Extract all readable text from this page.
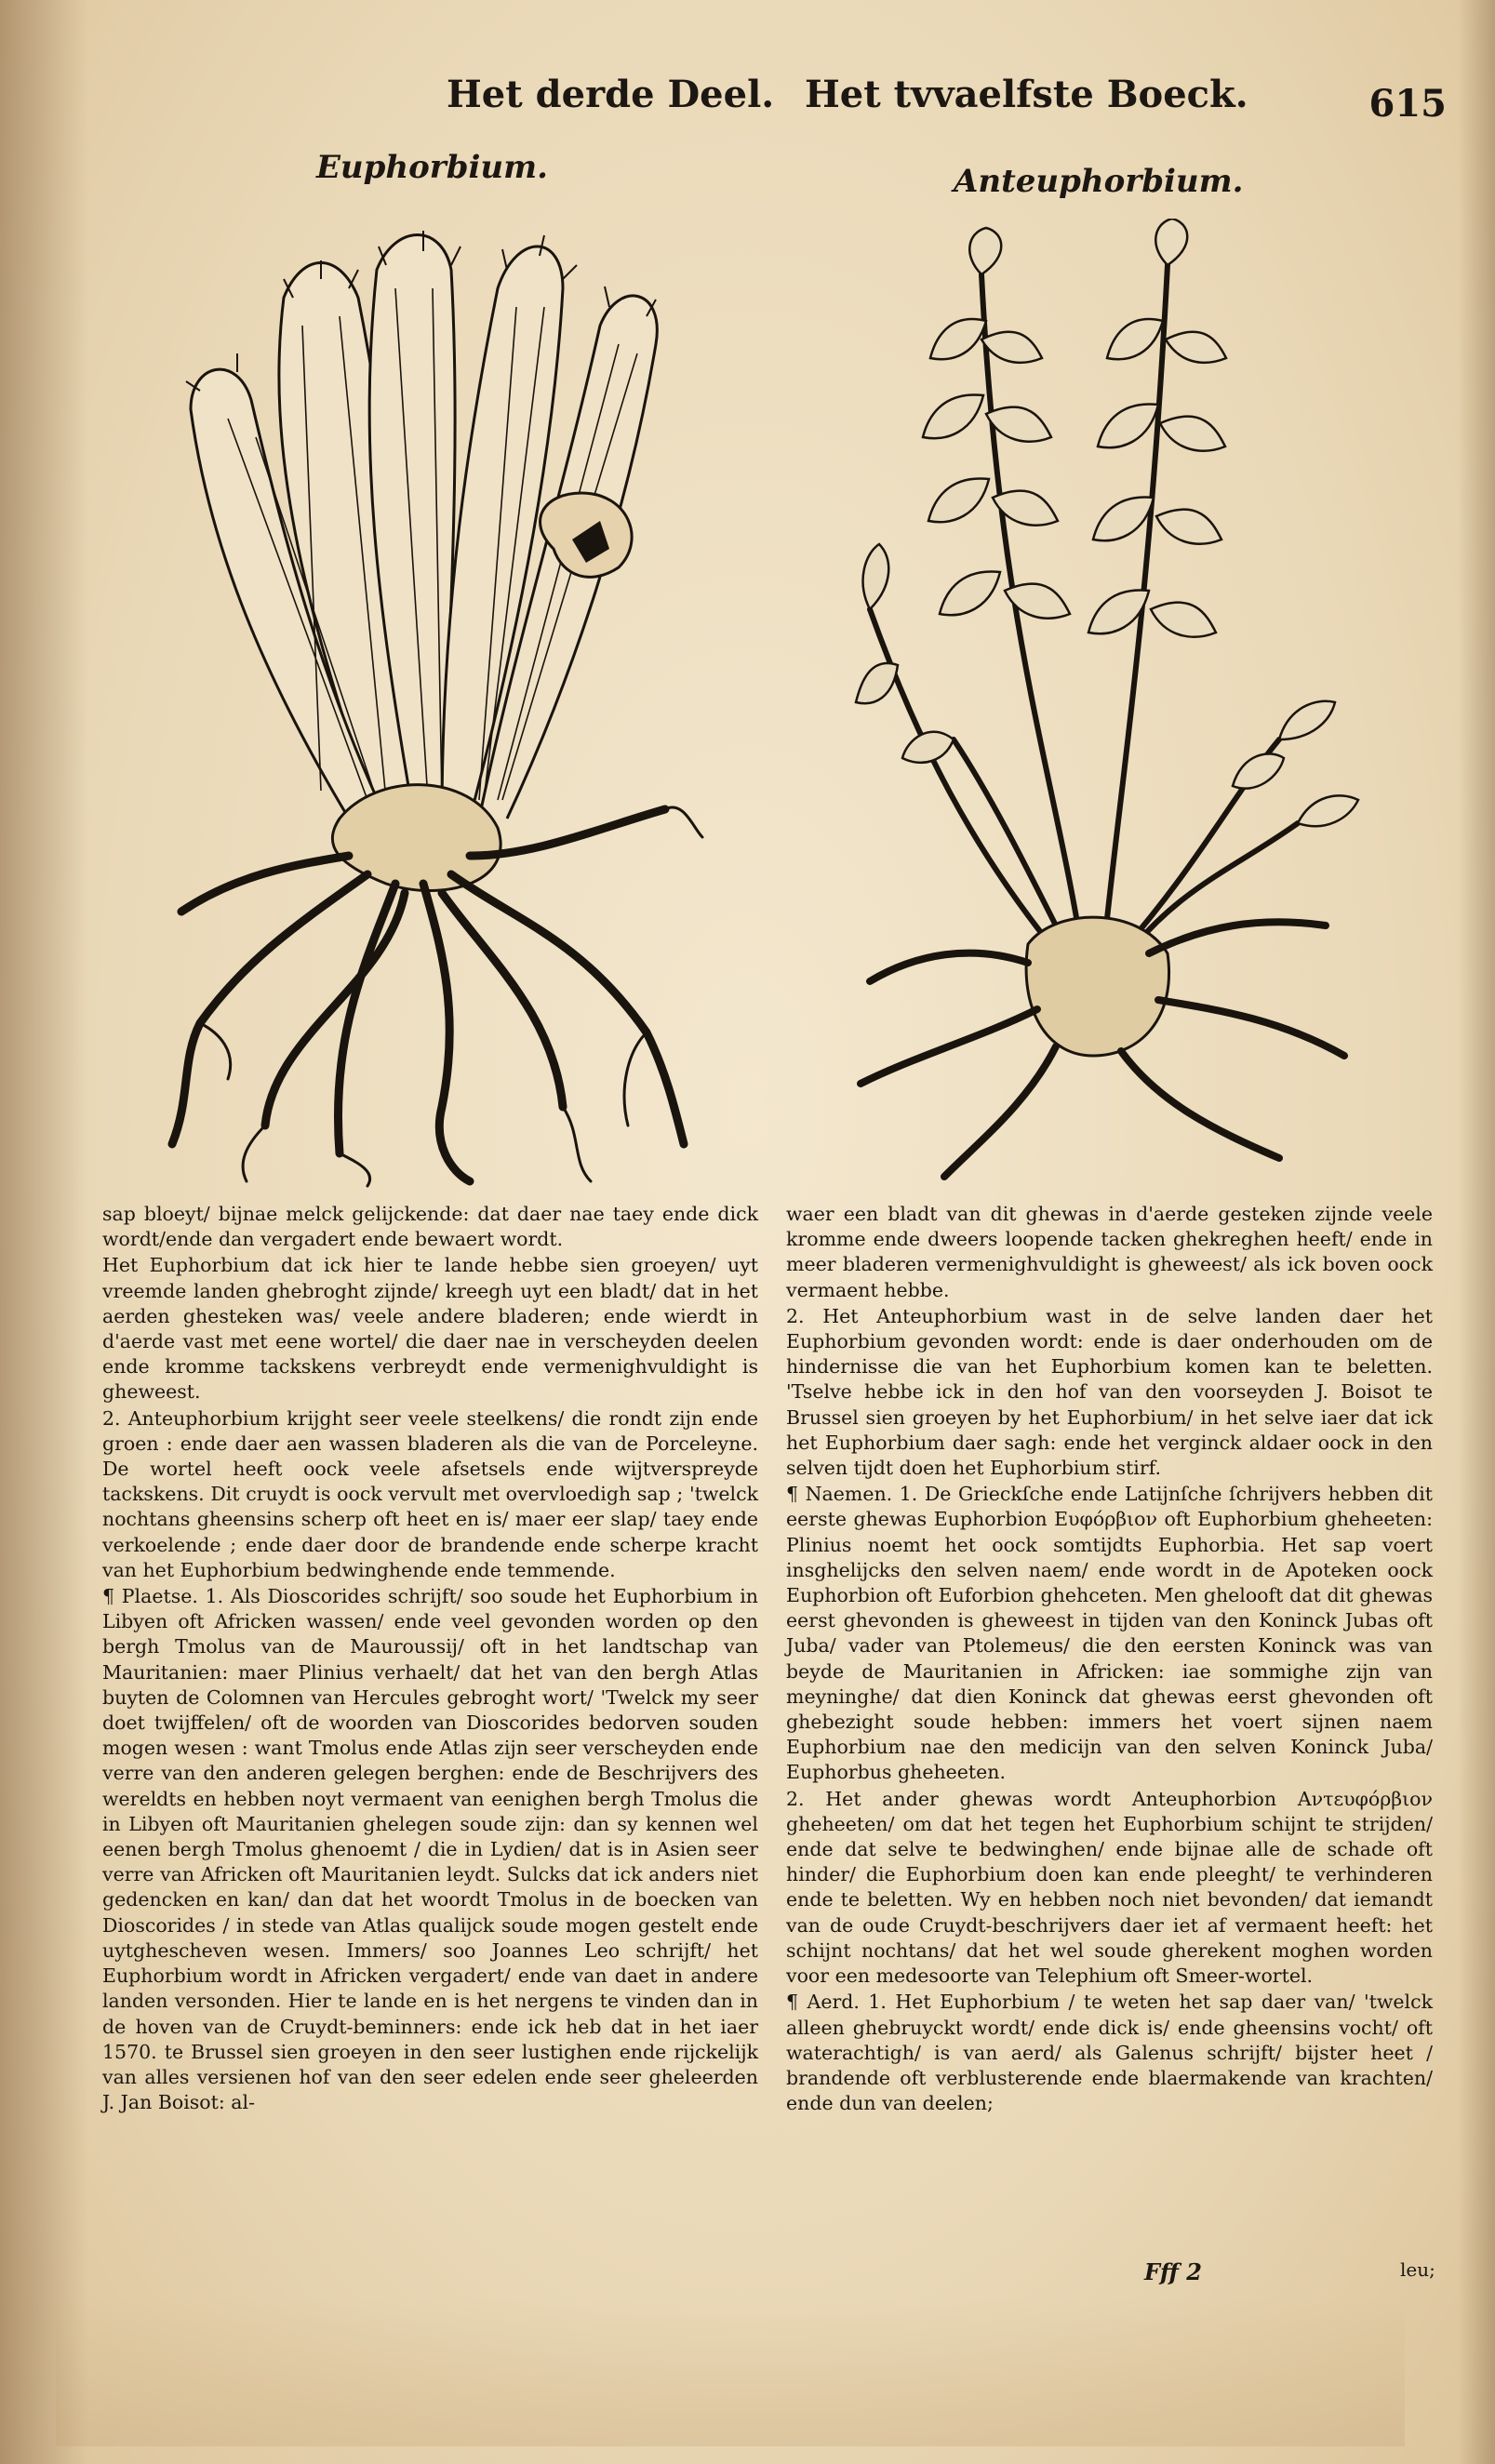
Het derde Deel. Het tvvaelfste Boeck.	615
Euphorbium.	Anteuphorbium.

sap bloeyt/ bijnae melck gelijckende: dat daer nae taey ende dick wordt/ende dan vergadert ende bewaert wordt.

Het Euphorbium dat ick hier te lande hebbe sien groeyen/ uyt vreemde landen ghebroght zijnde/ kreegh uyt een bladt/ dat in het aerden ghesteken was/ veele andere bladeren; ende wierdt in d'aerde vast met eene wortel/ die daer nae in verscheyden deelen ende kromme tackskens verbreydt ende vermenighvuldight is gheweest.

2. Anteuphorbium krijght seer veele steelkens/ die rondt zijn ende groen : ende daer aen wassen bladeren als die van de Porceleyne. De wortel heeft oock veele afsetsels ende wijtverspreyde tackskens. Dit cruydt is oock vervult met overvloedigh sap ; 'twelck nochtans gheensins scherp oft heet en is/ maer eer slap/ taey ende verkoelende ; ende daer door de brandende ende scherpe kracht van het Euphorbium bedwinghende ende temmende.

¶ Plaetse. 1. Als Dioscorides schrijft/ soo soude het Euphorbium in Libyen oft Africken wassen/ ende veel gevonden worden op den bergh Tmolus van de Mauroussij/ oft in het landtschap van Mauritanien: maer Plinius verhaelt/ dat het van den bergh Atlas buyten de Colomnen van Hercules gebroght wort/ 'Twelck my seer doet twijffelen/ oft de woorden van Dioscorides bedorven souden mogen wesen : want Tmolus ende Atlas zijn seer verscheyden ende verre van den anderen gelegen berghen: ende de Beschrijvers des wereldts en hebben noyt vermaent van eenighen bergh Tmolus die in Libyen oft Mauritanien ghelegen soude zijn: dan sy kennen wel eenen bergh Tmolus ghenoemt / die in Lydien/ dat is in Asien seer verre van Africken oft Mauritanien leydt. Sulcks dat ick anders niet gedencken en kan/ dan dat het woordt Tmolus in de boecken van Dioscorides / in stede van Atlas qualijck soude mogen gestelt ende uytghescheven wesen. Immers/ soo Joannes Leo schrijft/ het Euphorbium wordt in Africken vergadert/ ende van daet in andere landen versonden. Hier te lande en is het nergens te vinden dan in de hoven van de Cruydt-beminners: ende ick heb dat in het iaer 1570. te Brussel sien groeyen in den seer lustighen ende rijckelijk van alles versienen hof van den seer edelen ende seer gheleerden J. Jan Boisot: al-

waer een bladt van dit ghewas in d'aerde gesteken zijnde veele kromme ende dweers loopende tacken ghekreghen heeft/ ende in meer bladeren vermenighvuldight is gheweest/ als ick boven oock vermaent hebbe.

2. Het Anteuphorbium wast in de selve landen daer het Euphorbium gevonden wordt: ende is daer onderhouden om de hindernisse die van het Euphorbium komen kan te beletten. 'Tselve hebbe ick in den hof van den voorseyden J. Boisot te Brussel sien groeyen by het Euphorbium/ in het selve iaer dat ick het Euphorbium daer sagh: ende het verginck aldaer oock in den selven tijdt doen het Euphorbium stirf.

¶ Naemen. 1. De Grieckſche ende Latijnſche ſchrijvers hebben dit eerste ghewas Euphorbion Ευφόρβιον oft Euphorbium gheheeten: Plinius noemt het oock somtijdts Euphorbia. Het sap voert insghelijcks den selven naem/ ende wordt in de Apoteken oock Euphorbion oft Euforbion ghehceten. Men ghelooft dat dit ghewas eerst ghevonden is gheweest in tijden van den Koninck Jubas oft Juba/ vader van Ptolemeus/ die den eersten Koninck was van beyde de Mauritanien in Africken: iae sommighe zijn van meyninghe/ dat dien Koninck dat ghewas eerst ghevonden oft ghebezight soude hebben: immers het voert sijnen naem Euphorbium nae den medicijn van den selven Koninck Juba/ Euphorbus gheheeten.

2. Het ander ghewas wordt Anteuphorbion Αντευφόρβιον gheheeten/ om dat het tegen het Euphorbium schijnt te strijden/ ende dat selve te bedwinghen/ ende bijnae alle de schade oft hinder/ die Euphorbium doen kan ende pleeght/ te verhinderen ende te beletten. Wy en hebben noch niet bevonden/ dat iemandt van de oude Cruydt-beschrijvers daer iet af vermaent heeft: het schijnt nochtans/ dat het wel soude gherekent moghen worden voor een medesoorte van Telephium oft Smeer-wortel.

¶ Aerd. 1. Het Euphorbium / te weten het sap daer van/ 'twelck alleen ghebruyckt wordt/ ende dick is/ ende gheensins vocht/ oft waterachtigh/ is van aerd/ als Galenus schrijft/ bijster heet / brandende oft verblusterende ende blaermakende van krachten/ ende dun van deelen;

Fff 2	leu;
